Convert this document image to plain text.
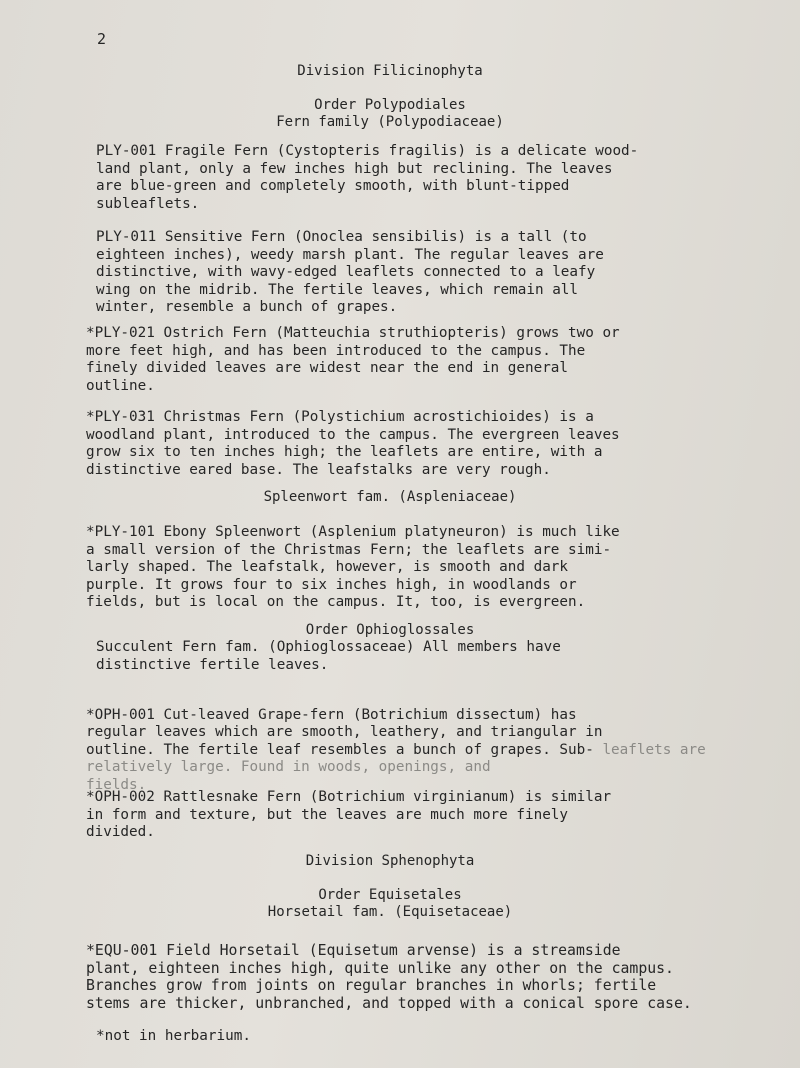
2
Division Filicinophyta
Order Polypodiales
Fern family (Polypodiaceae)
PLY-001 Fragile Fern (Cystopteris fragilis) is a delicate wood-
land plant, only a few inches high but reclining. The leaves
are blue-green and completely smooth, with blunt-tipped
subleaflets.
PLY-011 Sensitive Fern (Onoclea sensibilis) is a tall (to
eighteen inches), weedy marsh plant. The regular leaves are
distinctive, with wavy-edged leaflets connected to a leafy
wing on the midrib. The fertile leaves, which remain all
winter, resemble a bunch of grapes.
*PLY-021 Ostrich Fern (Matteuchia struthiopteris) grows two or
more feet high, and has been introduced to the campus. The
finely divided leaves are widest near the end in general
outline.
*PLY-031 Christmas Fern (Polystichium acrostichioides) is a
woodland plant, introduced to the campus. The evergreen leaves
grow six to ten inches high; the leaflets are entire, with a
distinctive eared base. The leafstalks are very rough.
Spleenwort fam. (Aspleniaceae)
*PLY-101 Ebony Spleenwort (Asplenium platyneuron) is much like
a small version of the Christmas Fern; the leaflets are simi-
larly shaped. The leafstalk, however, is smooth and dark
purple. It grows four to six inches high, in woodlands or
fields, but is local on the campus. It, too, is evergreen.
Order Ophioglossales
Succulent Fern fam. (Ophioglossaceae) All members have
distinctive fertile leaves.

*OPH-001 Cut-leaved Grape-fern (Botrichium dissectum) has
regular leaves which are smooth, leathery, and triangular in
outline. The fertile leaf resembles a bunch of grapes. Sub- leaflets are relatively large. Found in woods, openings, and
fields.

*OPH-002 Rattlesnake Fern (Botrichium virginianum) is similar
in form and texture, but the leaves are much more finely
divided.
Division Sphenophyta
Order Equisetales
Horsetail fam. (Equisetaceae)
*EQU-001 Field Horsetail (Equisetum arvense) is a streamside
plant, eighteen inches high, quite unlike any other on the campus.
Branches grow from joints on regular branches in whorls; fertile
stems are thicker, unbranched, and topped with a conical spore case.
*not in herbarium.
